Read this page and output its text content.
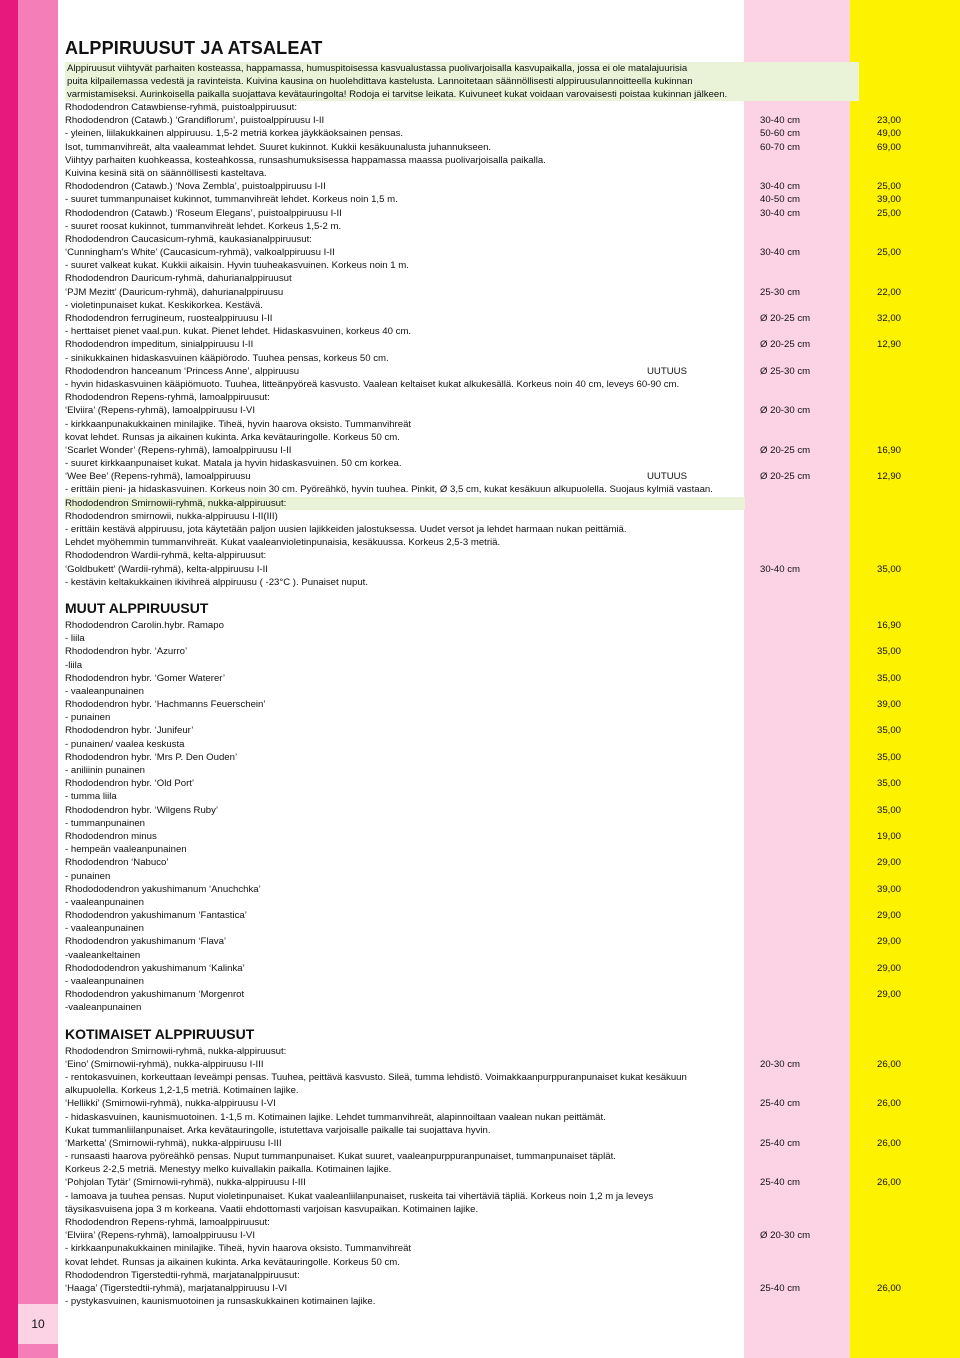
10
ALPPIRUUSUT JA ATSALEAT
Alppiruusut viihtyvät parhaiten kosteassa, happamassa, humuspitoisessa kasvualustassa puolivarjoisalla kasvupaikalla, jossa ei ole matalajuurisia
puita kilpailemassa vedestä ja ravinteista. Kuivina kausina on huolehdittava kastelusta. Lannoitetaan säännöllisesti alppiruusulannoitteella kukinnan
varmistamiseksi. Aurinkoisella paikalla suojattava kevätauringolta! Rodoja ei tarvitse leikata. Kuivuneet kukat voidaan varovaisesti poistaa kukinnan jälkeen.
Rhododendron Catawbiense-ryhmä, puistoalppiruusut:
Rhododendron (Catawb.) ‘Grandiflorum’, puistoalppiruusu I-II	30-40 cm	23,00
- yleinen, liilakukkainen alppiruusu. 1,5-2 metriä korkea jäykkäoksainen pensas.	50-60 cm	49,00
Isot, tummanvihreät, alta vaaleammat lehdet. Suuret kukinnot. Kukkii kesäkuunalusta juhannukseen.	60-70 cm	69,00
Viihtyy parhaiten kuohkeassa, kosteahkossa, runsashumuksisessa happamassa maassa puolivarjoisalla paikalla.
Kuivina kesinä sitä on säännöllisesti kasteltava.
Rhododendron (Catawb.) ‘Nova Zembla’, puistoalppiruusu I-II	30-40 cm	25,00
- suuret tummanpunaiset kukinnot, tummanvihreät lehdet. Korkeus noin 1,5 m.	40-50 cm	39,00
Rhododendron (Catawb.) ‘Roseum Elegans’, puistoalppiruusu I-II	30-40 cm	25,00
- suuret roosat kukinnot, tummanvihreät lehdet. Korkeus 1,5-2 m.
Rhododendron Caucasicum-ryhmä, kaukasianalppiruusut:
‘Cunningham’s White’ (Caucasicum-ryhmä), valkoalppiruusu I-II	30-40 cm	25,00
- suuret valkeat kukat. Kukkii aikaisin. Hyvin tuuheakasvuinen. Korkeus noin 1 m.
Rhododendron Dauricum-ryhmä, dahurianalppiruusut
‘PJM Mezitt’ (Dauricum-ryhmä), dahurianalppiruusu	25-30 cm	22,00
- violetinpunaiset kukat. Keskikorkea. Kestävä.
Rhododendron ferrugineum, ruostealppiruusu I-II	Ø 20-25 cm	32,00
- herttaiset pienet vaal.pun. kukat. Pienet lehdet. Hidaskasvuinen, korkeus 40 cm.
Rhododendron impeditum, sinialppiruusu I-II	Ø 20-25 cm	12,90
- sinikukkainen hidaskasvuinen kääpiörodo. Tuuhea pensas, korkeus 50 cm.
Rhododendron hanceanum ‘Princess Anne’, alppiruusu	UUTUUS	Ø 25-30 cm
- hyvin hidaskasvuinen kääpiömuoto. Tuuhea, litteänpyöreä kasvusto. Vaalean keltaiset kukat alkukesällä. Korkeus noin 40 cm, leveys 60-90 cm.
Rhododendron Repens-ryhmä, lamoalppiruusut:
‘Elviira’ (Repens-ryhmä), lamoalppiruusu I-VI	Ø 20-30 cm
- kirkkaanpunakukkainen minilajike. Tiheä, hyvin haarova oksisto. Tummanvihreät
kovat lehdet. Runsas ja aikainen kukinta. Arka kevätauringolle. Korkeus 50 cm.
‘Scarlet Wonder’ (Repens-ryhmä), lamoalppiruusu I-II	Ø 20-25 cm	16,90
- suuret kirkkaanpunaiset kukat. Matala ja hyvin hidaskasvuinen. 50 cm korkea.
‘Wee Bee’ (Repens-ryhmä), lamoalppiruusu	UUTUUS	Ø 20-25 cm	12,90
- erittäin pieni- ja hidaskasvuinen. Korkeus noin 30 cm. Pyöreähkö, hyvin tuuhea. Pinkit, Ø 3,5 cm, kukat kesäkuun alkupuolella. Suojaus kylmiä vastaan.
Rhododendron Smirnowii-ryhmä, nukka-alppiruusut:
Rhododendron smirnowii, nukka-alppiruusu I-II(III)
- erittäin kestävä alppiruusu, jota käytetään paljon uusien lajikkeiden jalostuksessa. Uudet versot ja lehdet harmaan nukan peittämiä.
Lehdet myöhemmin tummanvihreät. Kukat vaaleanvioletinpunaisia, kesäkuussa. Korkeus 2,5-3 metriä.
Rhododendron Wardii-ryhmä, kelta-alppiruusut:
‘Goldbukett’ (Wardii-ryhmä), kelta-alppiruusu I-II	30-40 cm	35,00
- kestävin keltakukkainen ikivihreä alppiruusu ( -23°C ). Punaiset nuput.
MUUT ALPPIRUUSUT
Rhododendron Carolin.hybr. Ramapo	16,90
- liila
Rhododendron hybr. ‘Azurro’	35,00
-liila
Rhododendron hybr. ‘Gomer Waterer’	35,00
- vaaleanpunainen
Rhododendron hybr. ‘Hachmanns Feuerschein’	39,00
- punainen
Rhododendron hybr. ‘Junifeur’	35,00
- punainen/ vaalea keskusta
Rhododendron hybr. ‘Mrs P. Den Ouden’	35,00
- aniliinin punainen
Rhododendron hybr. ‘Old Port’	35,00
- tumma liila
Rhododendron hybr. ‘Wilgens Ruby’	35,00
- tummanpunainen
Rhododendron minus	19,00
- hempeän vaaleanpunainen
Rhododendron ‘Nabuco’	29,00
- punainen
Rhodododendron yakushimanum ‘Anuchchka’	39,00
- vaaleanpunainen
Rhododendron yakushimanum ‘Fantastica’	29,00
- vaaleanpunainen
Rhododendron yakushimanum ‘Flava’	29,00
-vaaleankeltainen
Rhodododendron yakushimanum ‘Kalinka’	29,00
- vaaleanpunainen
Rhododendron yakushimanum ‘Morgenrot	29,00
-vaaleanpunainen
KOTIMAISET ALPPIRUUSUT
Rhododendron Smirnowii-ryhmä, nukka-alppiruusut:
‘Eino’ (Smirnowii-ryhmä), nukka-alppiruusu I-III	20-30 cm	26,00
- rentokasvuinen, korkeuttaan leveämpi pensas. Tuuhea, peittävä kasvusto. Sileä, tumma lehdistö. Voimakkaanpurppuranpunaiset kukat kesäkuun
alkupuolella. Korkeus 1,2-1,5 metriä. Kotimainen lajike.
‘Hellikki’ (Smirnowii-ryhmä), nukka-alppiruusu I-VI	25-40 cm	26,00
- hidaskasvuinen, kaunismuotoinen. 1-1,5 m. Kotimainen lajike. Lehdet tummanvihreät, alapinnoiltaan vaalean nukan peittämät.
Kukat tummanliilanpunaiset. Arka kevätauringolle, istutettava varjoisalle paikalle tai suojattava hyvin.
‘Marketta’ (Smirnowii-ryhmä), nukka-alppiruusu I-III	25-40 cm	26,00
- runsaasti haarova pyöreähkö pensas. Nuput tummanpunaiset. Kukat suuret, vaaleanpurppuranpunaiset, tummanpunaiset täplät.
Korkeus 2-2,5 metriä. Menestyy melko kuivallakin paikalla. Kotimainen lajike.
‘Pohjolan Tytär’ (Smirnowii-ryhmä), nukka-alppiruusu I-III	25-40 cm	26,00
- lamoava ja tuuhea pensas. Nuput violetinpunaiset. Kukat vaaleanliilanpunaiset, ruskeita tai vihertäviä täpliä. Korkeus noin 1,2 m ja leveys
täysikasvuisena jopa 3 m korkeana. Vaatii ehdottomasti varjoisan kasvupaikan. Kotimainen lajike.
Rhododendron Repens-ryhmä, lamoalppiruusut:
‘Elviira’ (Repens-ryhmä), lamoalppiruusu I-VI	Ø 20-30 cm
- kirkkaanpunakukkainen minilajike. Tiheä, hyvin haarova oksisto. Tummanvihreät
kovat lehdet. Runsas ja aikainen kukinta. Arka kevätauringolle. Korkeus 50 cm.
Rhododendron Tigerstedtii-ryhmä, marjatanalppiruusut:
‘Haaga’ (Tigerstedtii-ryhmä), marjatanalppiruusu I-VI	25-40 cm	26,00
- pystykasvuinen, kaunismuotoinen ja runsaskukkainen kotimainen lajike.
